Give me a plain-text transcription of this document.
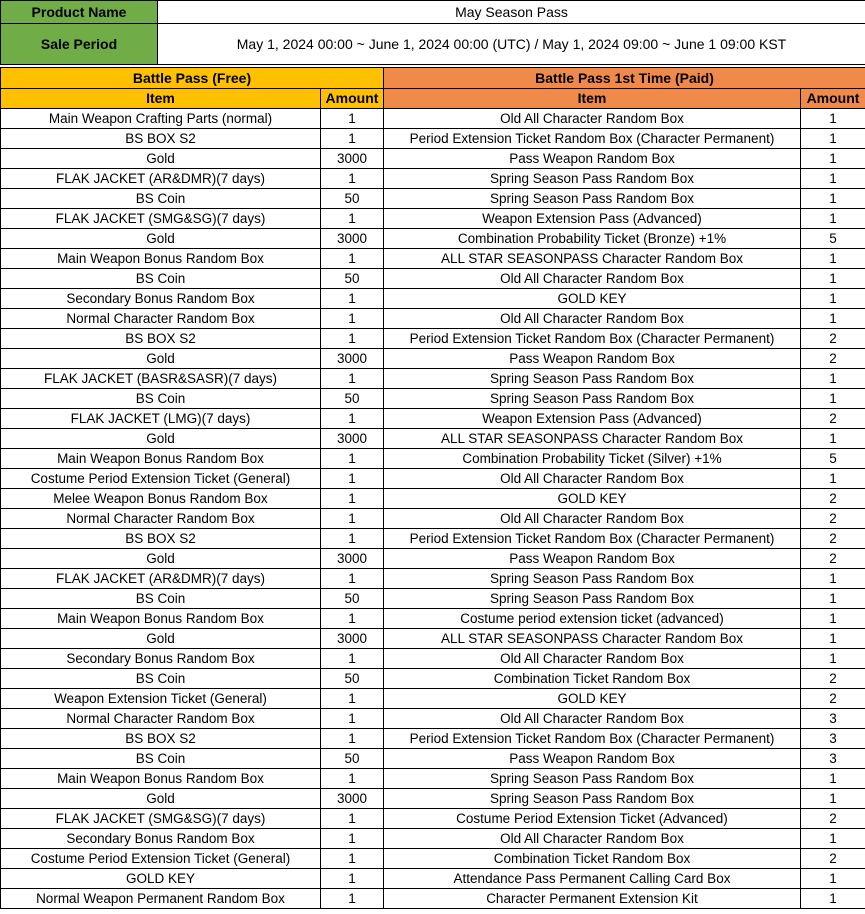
Product Name	May Season Pass
Sale Period	May 1, 2024 00:00 ~ June 1, 2024 00:00 (UTC) / May 1, 2024 09:00 ~ June 1 09:00 KST
Battle Pass (Free)		Battle Pass 1st Time (Paid)	
Item	Amount	Item	Amount
Main Weapon Crafting Parts (normal)	1	Old All Character Random Box	1
BS BOX S2	1	Period Extension Ticket Random Box (Character Permanent)	1
Gold	3000	Pass Weapon Random Box	1
FLAK JACKET (AR&DMR)(7 days)	1	Spring Season Pass Random Box	1
BS Coin	50	Spring Season Pass Random Box	1
FLAK JACKET (SMG&SG)(7 days)	1	Weapon Extension Pass (Advanced)	1
Gold	3000	Combination Probability Ticket (Bronze) +1%	5
Main Weapon Bonus Random Box	1	ALL STAR SEASONPASS Character Random Box	1
BS Coin	50	Old All Character Random Box	1
Secondary Bonus Random Box	1	GOLD KEY	1
Normal Character Random Box	1	Old All Character Random Box	1
BS BOX S2	1	Period Extension Ticket Random Box (Character Permanent)	2
Gold	3000	Pass Weapon Random Box	2
FLAK JACKET (BASR&SASR)(7 days)	1	Spring Season Pass Random Box	1
BS Coin	50	Spring Season Pass Random Box	1
FLAK JACKET (LMG)(7 days)	1	Weapon Extension Pass (Advanced)	2
Gold	3000	ALL STAR SEASONPASS Character Random Box	1
Main Weapon Bonus Random Box	1	Combination Probability Ticket (Silver) +1%	5
Costume Period Extension Ticket (General)	1	Old All Character Random Box	1
Melee Weapon Bonus Random Box	1	GOLD KEY	2
Normal Character Random Box	1	Old All Character Random Box	2
BS BOX S2	1	Period Extension Ticket Random Box (Character Permanent)	2
Gold	3000	Pass Weapon Random Box	2
FLAK JACKET (AR&DMR)(7 days)	1	Spring Season Pass Random Box	1
BS Coin	50	Spring Season Pass Random Box	1
Main Weapon Bonus Random Box	1	Costume period extension ticket (advanced)	1
Gold	3000	ALL STAR SEASONPASS Character Random Box	1
Secondary Bonus Random Box	1	Old All Character Random Box	1
BS Coin	50	Combination Ticket Random Box	2
Weapon Extension Ticket (General)	1	GOLD KEY	2
Normal Character Random Box	1	Old All Character Random Box	3
BS BOX S2	1	Period Extension Ticket Random Box (Character Permanent)	3
BS Coin	50	Pass Weapon Random Box	3
Main Weapon Bonus Random Box	1	Spring Season Pass Random Box	1
Gold	3000	Spring Season Pass Random Box	1
FLAK JACKET (SMG&SG)(7 days)	1	Costume Period Extension Ticket (Advanced)	2
Secondary Bonus Random Box	1	Old All Character Random Box	1
Costume Period Extension Ticket (General)	1	Combination Ticket Random Box	2
GOLD KEY	1	Attendance Pass Permanent Calling Card Box	1
Normal Weapon Permanent Random Box	1	Character Permanent Extension Kit	1
